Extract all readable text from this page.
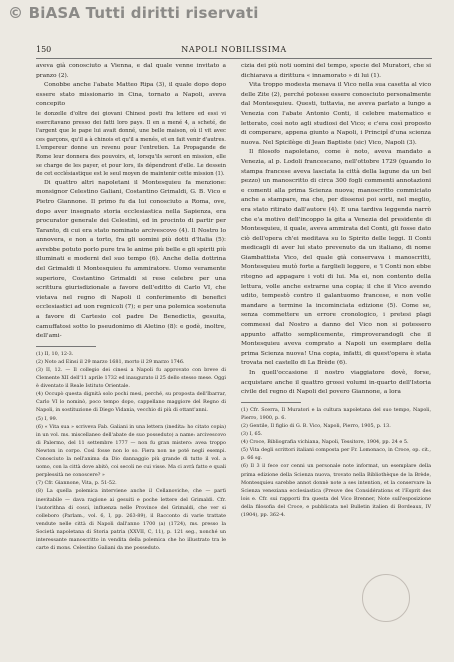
© BiASA Tutti diritti riservati
150	NAPOLI NOBILISSIMA

aveva già conosciuto a Vienna, e dal quale venne invitato a pranzo (2).

Conobbe anche l'abate Matteo Ripa (3), il quale dopo dopo essere stato missionario in Cina, tornato a Napoli, aveva concepito

le donzelle d'oltre dei giovani Chinesi posti fra lettere ed essi vi esercitavano presso dei fatti loro pays. Il en a mené 4, a scheté, de l'argent que le pape lui avait donné, une belle maison, où il vit avec ces garçons, qu'il a à chinois et qu'il a menés, et en fait venir d'autres. L'empereur donne un revenu pour l'entretien. La Propagande de Rome leur donnera des pouvoirs, et, lorsqu'ils seront en mission, elle se charge de les payer, et pour lors, ils dépendront d'elle. Le dessein de cet ecclésiastique est le seul moyen de maintenir cette mission (1).

Di quattro altri napoletani il Montesquieu fa menzione: monsignor Celestino Galiani, Costantino Grimaldi, G. B. Vico e Pietro Giannone. Il primo fu da lui conosciuto a Roma, ove, dopo aver insegnato storia ecclesiastica nella Sapienza, era procurator generale dei Celestini, ed in procinto di partir per Taranto, di cui era stato nominato arcivescovo (4). Il Nostro lo annovera, e non a torto, fra gli uomini più dotti d'Italia (5): avrebbe potuto porlo pure tra le anime più belle e gli spiriti più illuminati e moderni del suo tempo (6). Anche della dottrina del Grimaldi il Montesquieu fu ammiratore. Uomo veramente superiore, Costantino Grimaldi si rese celebre per una scrittura giurisdizionale a favore dell'editto di Carlo VI, che vietava nel regno di Napoli il conferimento di benefici ecclesiastici ad uon regnicoli (7); e per una polemica sostenuta a favore di Cartesio col padre De Benedictis, gesuita, camuffatosi sotto lo pseudonimo di Aletino (8): e godè, inoltre, dell'ami-

(1) II, 10, 12-3.
(2) Noto ad Einsi il 29 marzo 1681, morto il 29 marzo 1746.
(3) II, 12. — Il collegio dei cinesi a Napoli fu approvato con breve di Clemente XII dell'11 aprile 1732 ed inaugurato il 25 dello stesso mese. Oggi è diventato il Reale Istituto Orientale.
(4) Occupò questa dignità solo pochi mesi, perché, su proposta dell'Ibarrar, Carlo VI lo nominò, poco tempo dopo, cappellano maggiore del Regno di Napoli, in sostituzione di Diego Vidania, vecchio di più di ottant'anni.
(5) I, 99.
(6) « Vita sua » scriveva Fab. Galiani in una lettera (inedita: ho citato copia) in un vol. ms. miscellaneo dell'abate de suo posseduto) a name: arcivescovo di Palermo, del 11 settembre 1777 — non fu gran mistero: avea troppo Newton in corpo. Così fosse non lo so. Fiera non ne poté negli esempi. Conosciuto la nell'anima da Dio dannaggio più grande di tutto il vol. a uomo, con la città dove abitò, coi secoli ne cui visse. Ma ci avrà fatto e quali perplessità ne conoscere? »
(7) Cfr. Giannone, Vita, p. 51-52.
(8) La quella polemica interviene anche il Cellanoviche, che — partì inevitabile — dava ragione ai gesuiti e poche lettere del Grimaldi. Cfr. l'autorithna di cosci, influenza nelle Province del Grimaldi, che ver si colleboro (Parlam., vol. 6, I, pp. 263-89), il Racconto di varie trattate vendute nelle città di Napoli dall'anno 1700 (a) (1724), ms. presso la Società napoletana di Storia patria (XXVII, C, 11), p. 121 seg., nonché un interessante manoscritto in vendita della polemica che ho illustrato tra le carte di mons. Celestino Galiani da me posseduto.

cizia dei più noti uomini del tempo, specie del Muratori, che si dichiarava a dirittura « innamorato » di lui (1).

Vita troppo modesta menava il Vico nella sua casetta al vico delle Zite (2), perché potesse essere conosciuto personalmente dal Montesquieu. Questi, tuttavia, ne aveva parlato a lungo a Venezia con l'abate Antonio Conti, il celebre matematico e letterato, così noto agli studiosi del Vico; e c'era così proposto di comperare, appena giunto a Napoli, i Principî d'una scienza nuova. Nel Spicilège di Jean Baptiste (sic) Vico, Napoli (3).

Il filosofo napoletano, come è noto, aveva mandato a Venezia, al p. Lodoli francescano, nell'ottobre 1729 (quando lo stampa francese aveva lasciata la città della lagune da un bel pezzo) un manoscritto di circa 300 fogli commenti annotazioni e comenti alla prima Scienza nuova; manoscritto commiciato anche a stampare, ma che, per dissensi poi sorti, nel meglio, era stato ritirato dall'autore (4). E una tardiva leggenda narrò che e'a motivo dell'incoppo la gita a Venezia del presidente di Montesquieu, il quale, aveva ammirata del Conti, gli fosse dato ciò dell'opera ch'ei meditava su lo Spirito delle leggi. Il Conti medicagli di aver lui stato prevenuto da un italiano, di nome Giambattista Vico, del quale già conservava i manoscritti, Montesquieu mutò forte a farglieli leggere, e 'l Conti non ebbe ritegno ad appagare i voti di lui. Ma ei, non contento della lettura, volle anche estrarne una copia; il che il Vico avendo udito, tempestò contro il galantuomo francese, e non volle mandare a termine la incominciata edizione (5). Come se, senza commettere un errore cronologico, i pretesi plagi commessi dal Nostro a danno del Vico non si potessero appunto affatto semplicemente, rimproverandogli che il Montesquieu aveva comprato a Napoli un esemplare della prima Scienza nuova! Una copia, infatti, di quest'opera è stata trovata nel castello di La Brède (6).

In quell'occasione il nostro viaggiatore dovè, forse, acquistare anche il quattro grossi volumi in-quarto dell'Istoria civile del regno di Napoli del povero Giannone, a lora

(1) Cfr. Scerra, Il Muratori e la cultura napoletana del suo tempo, Napoli, Pierro, 1900, p. 6.
(2) Gentile, Il figlio di G. B. Vico, Napoli, Pierro, 1905, p. 13.
(3) I, 65.
(4) Croce, Bibliografia vichiana, Napoli, Tessitore, 1904, pp. 24 e 5.
(5) Vita degli scrittori italiani composta per Fr. Lomonaco, in Croce, op. cit., p. 66 sg.
(6) Il 3 il fece cor cenni un personale note informat, un esemplare della prima edizione della Scienza nuova, trovato nella Bibliothèque de la Brède, Montesquieu sarebbe annot donnè note a ses intention, et la conservare la Scienza veneziana ecclesiastica (Preuve des Considérations et l'Esprit des lois e. Cfr. sui rapporti fra questa del Vico Brenner, Note sull'esposizione della filosofia del Croce, e pubblicata nel Bulletin italien di Bordeaux, IV (1904), pp. 362-4.
